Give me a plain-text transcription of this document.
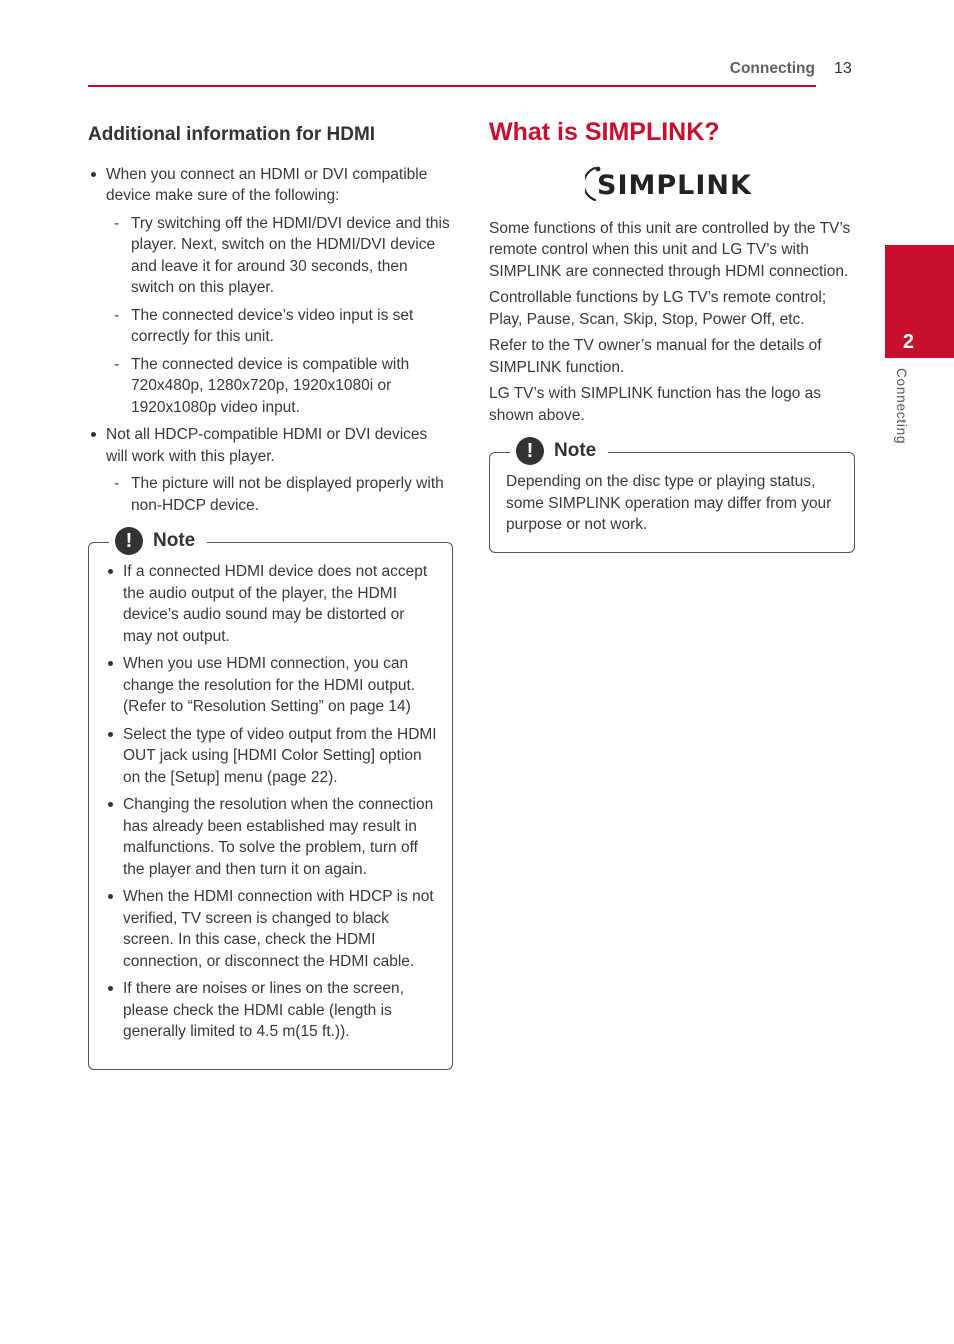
Connecting 13
2
Connecting
Additional information for HDMI
When you connect an HDMI or DVI compatible device make sure of the following:
- Try switching off the HDMI/DVI device and this player. Next, switch on the HDMI/DVI device and leave it for around 30 seconds, then switch on this player.
- The connected device’s video input is set correctly for this unit.
- The connected device is compatible with 720x480p, 1280x720p, 1920x1080i or 1920x1080p video input.
Not all HDCP-compatible HDMI or DVI devices will work with this player.
- The picture will not be displayed properly with non-HDCP device.
!	Note
If a connected HDMI device does not accept the audio output of the player, the HDMI device’s audio sound may be distorted or may not output.
When you use HDMI connection, you can change the resolution for the HDMI output. (Refer to “Resolution Setting” on page 14)
Select the type of video output from the HDMI OUT jack using [HDMI Color Setting] option on the [Setup] menu (page 22).
Changing the resolution when the connection has already been established may result in malfunctions. To solve the problem, turn off the player and then turn it on again.
When the HDMI connection with HDCP is not verified, TV screen is changed to black screen. In this case, check the HDMI connection, or disconnect the HDMI cable.
If there are noises or lines on the screen, please check the HDMI cable (length is generally limited to 4.5 m(15 ft.)).
What is SIMPLINK?
SIMPLINK
Some functions of this unit are controlled by the TV’s remote control when this unit and LG TV’s with SIMPLINK are connected through HDMI connection.
Controllable functions by LG TV’s remote control; Play, Pause, Scan, Skip, Stop, Power Off, etc.
Refer to the TV owner’s manual for the details of SIMPLINK function.
LG TV’s with SIMPLINK function has the logo as shown above.
!	Note
Depending on the disc type or playing status, some SIMPLINK operation may differ from your purpose or not work.
